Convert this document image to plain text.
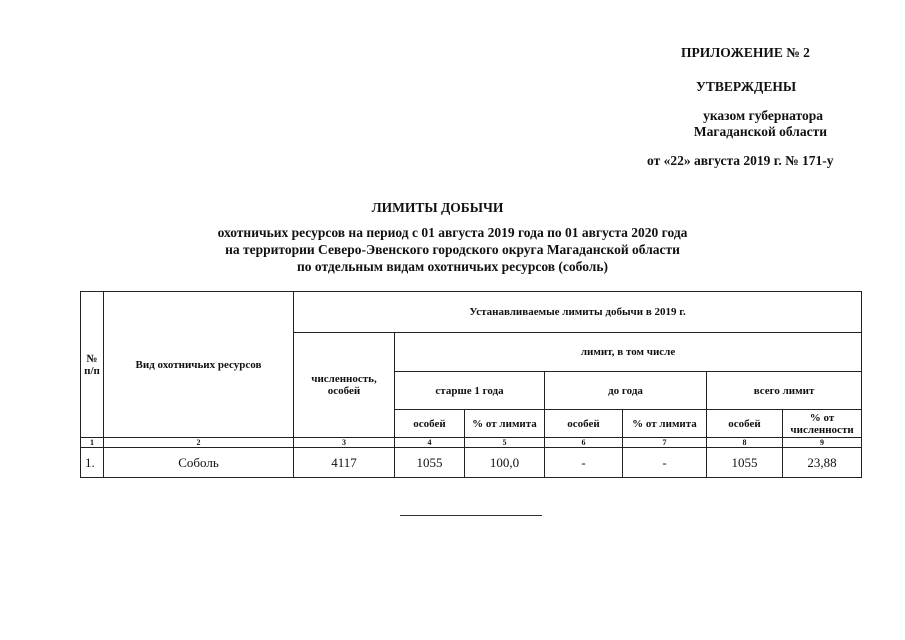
ПРИЛОЖЕНИЕ № 2
УТВЕРЖДЕНЫ
указом губернатора
Магаданской области
от «22» августа 2019 г. № 171-у
ЛИМИТЫ ДОБЫЧИ
охотничьих ресурсов на период с 01 августа 2019 года по 01 августа 2020 года
на территории Северо-Эвенского городского округа Магаданской области
по отдельным видам охотничьих ресурсов (соболь)
№ п/п	Вид охотничьих ресурсов	Устанавливаемые лимиты добычи в 2019 г.						
		численность, особей	лимит, в том числе					
			старше 1 года		до года		всего лимит	
			особей	% от лимита	особей	% от лимита	особей	% от численности
1	2	3	4	5	6	7	8	9
1.	Соболь	4117	1055	100,0	-	-	1055	23,88
